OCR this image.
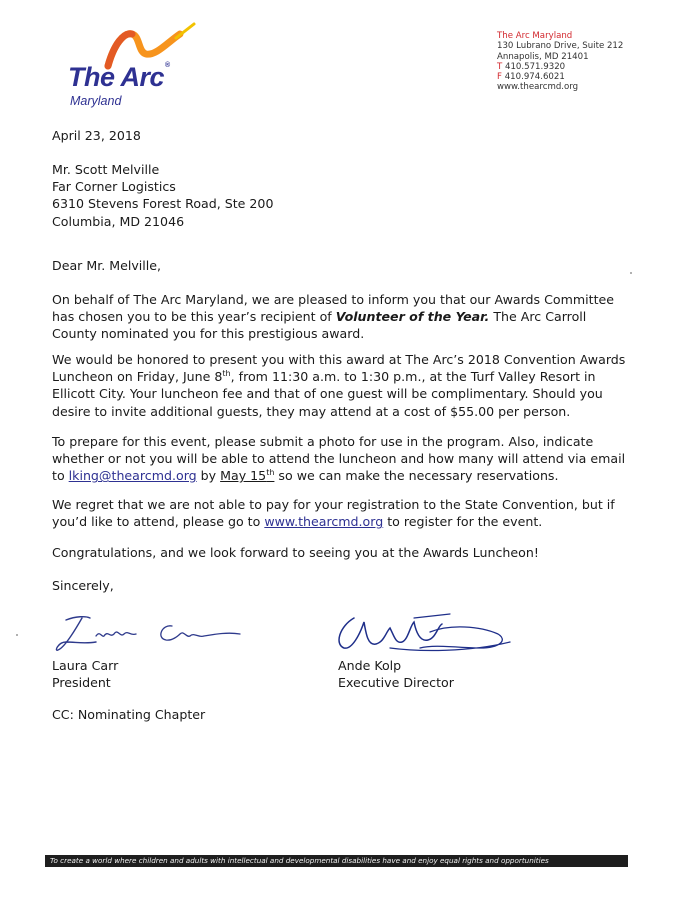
The Arc®
Maryland
The Arc Maryland
130 Lubrano Drive, Suite 212
Annapolis, MD 21401
T 410.571.9320
F 410.974.6021
www.thearcmd.org
April 23, 2018

Mr. Scott Melville

Far Corner Logistics

6310 Stevens Forest Road, Ste 200

Columbia, MD 21046

Dear Mr. Melville,

On behalf of The Arc Maryland, we are pleased to inform you that our Awards Committee

has chosen you to be this year’s recipient of Volunteer of the Year. The Arc Carroll

County nominated you for this prestigious award.

We would be honored to present you with this award at The Arc’s 2018 Convention Awards

Luncheon on Friday, June 8th, from 11:30 a.m. to 1:30 p.m., at the Turf Valley Resort in

Ellicott City. Your luncheon fee and that of one guest will be complimentary. Should you

desire to invite additional guests, they may attend at a cost of $55.00 per person.

To prepare for this event, please submit a photo for use in the program. Also, indicate

whether or not you will be able to attend the luncheon and how many will attend via email

to lking@thearcmd.org by May 15th so we can make the necessary reservations.

We regret that we are not able to pay for your registration to the State Convention, but if

you’d like to attend, please go to www.thearcmd.org to register for the event.

Congratulations, and we look forward to seeing you at the Awards Luncheon!
Sincerely,
Laura Carr
President
Ande Kolp
Executive Director
CC: Nominating Chapter
To create a world where children and adults with intellectual and developmental disabilities have and enjoy equal rights and opportunities
